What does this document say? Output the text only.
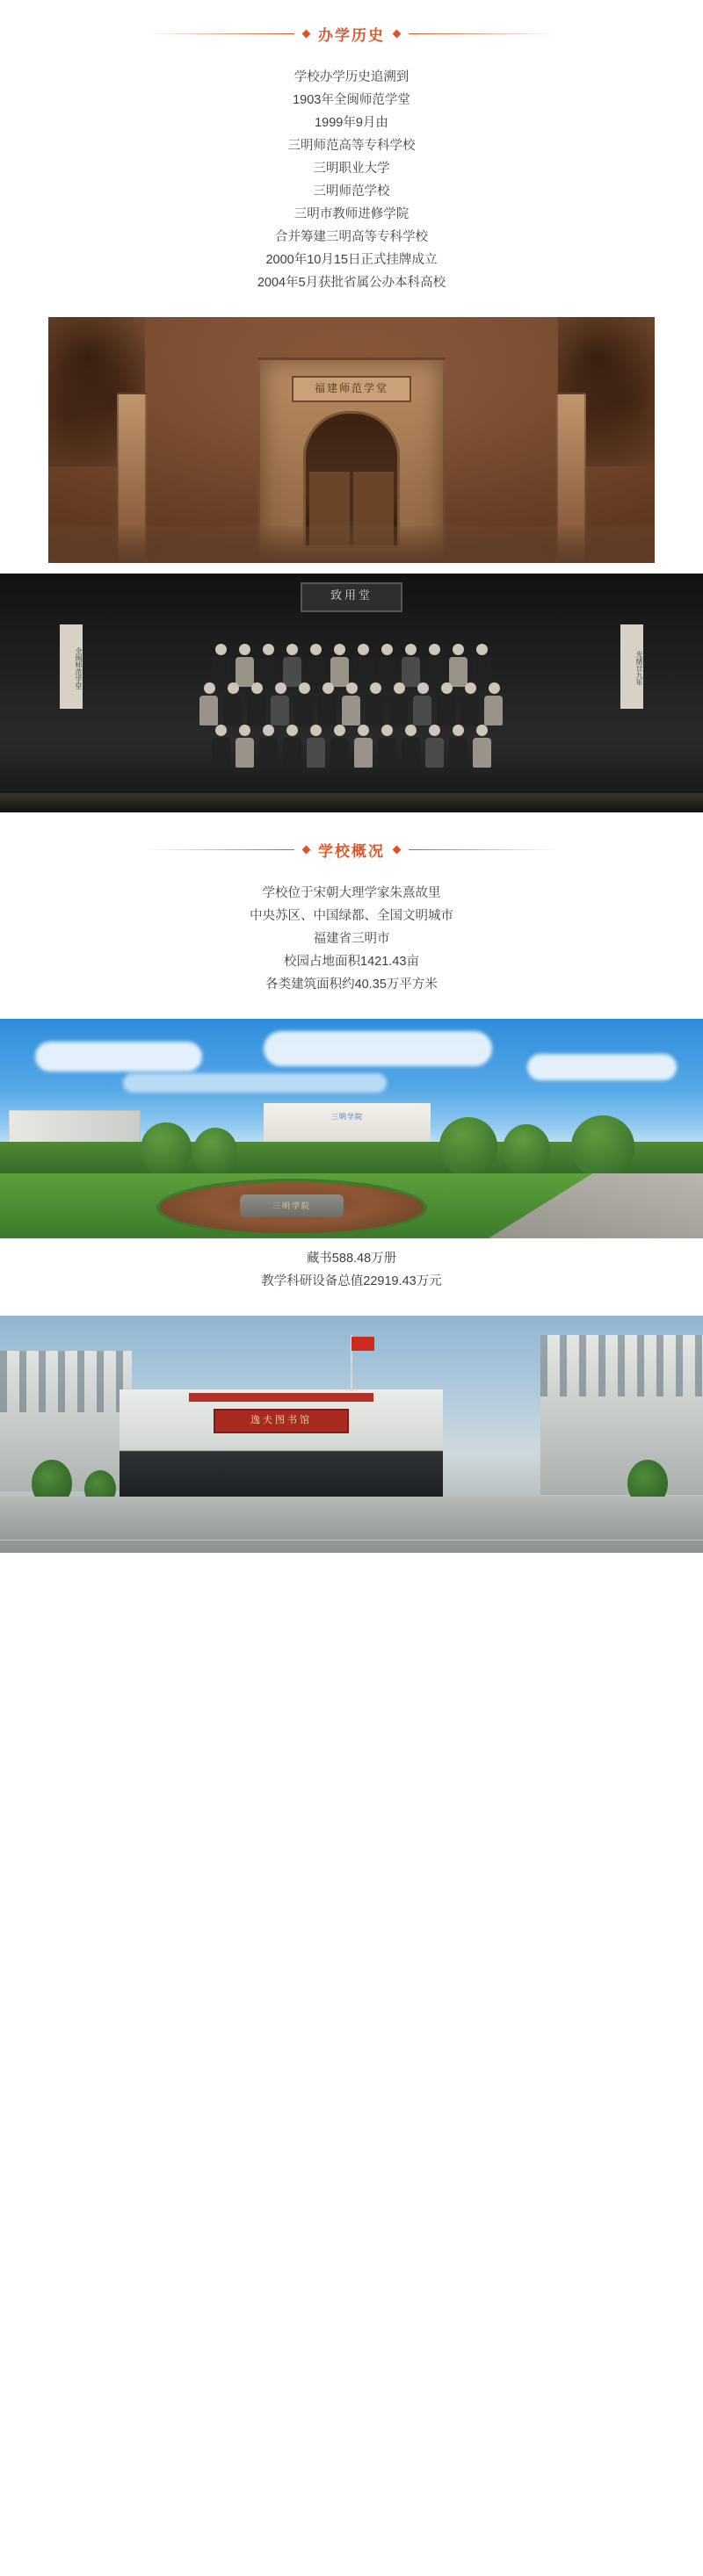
办学历史
学校办学历史追溯到
1903年全闽师范学堂
1999年9月由
三明师范高等专科学校
三明职业大学
三明师范学校
三明市教师进修学院
合并筹建三明高等专科学校
2000年10月15日正式挂牌成立
2004年5月获批省属公办本科高校
福建师范学堂
致用堂
全闽师范学堂	光绪廿九年
学校概况
学校位于宋朝大理学家朱熹故里
中央苏区、中国绿都、全国文明城市
福建省三明市
校园占地面积1421.43亩
各类建筑面积约40.35万平方米
三明学院
三明学院
藏书588.48万册
教学科研设备总值22919.43万元
逸夫图书馆
